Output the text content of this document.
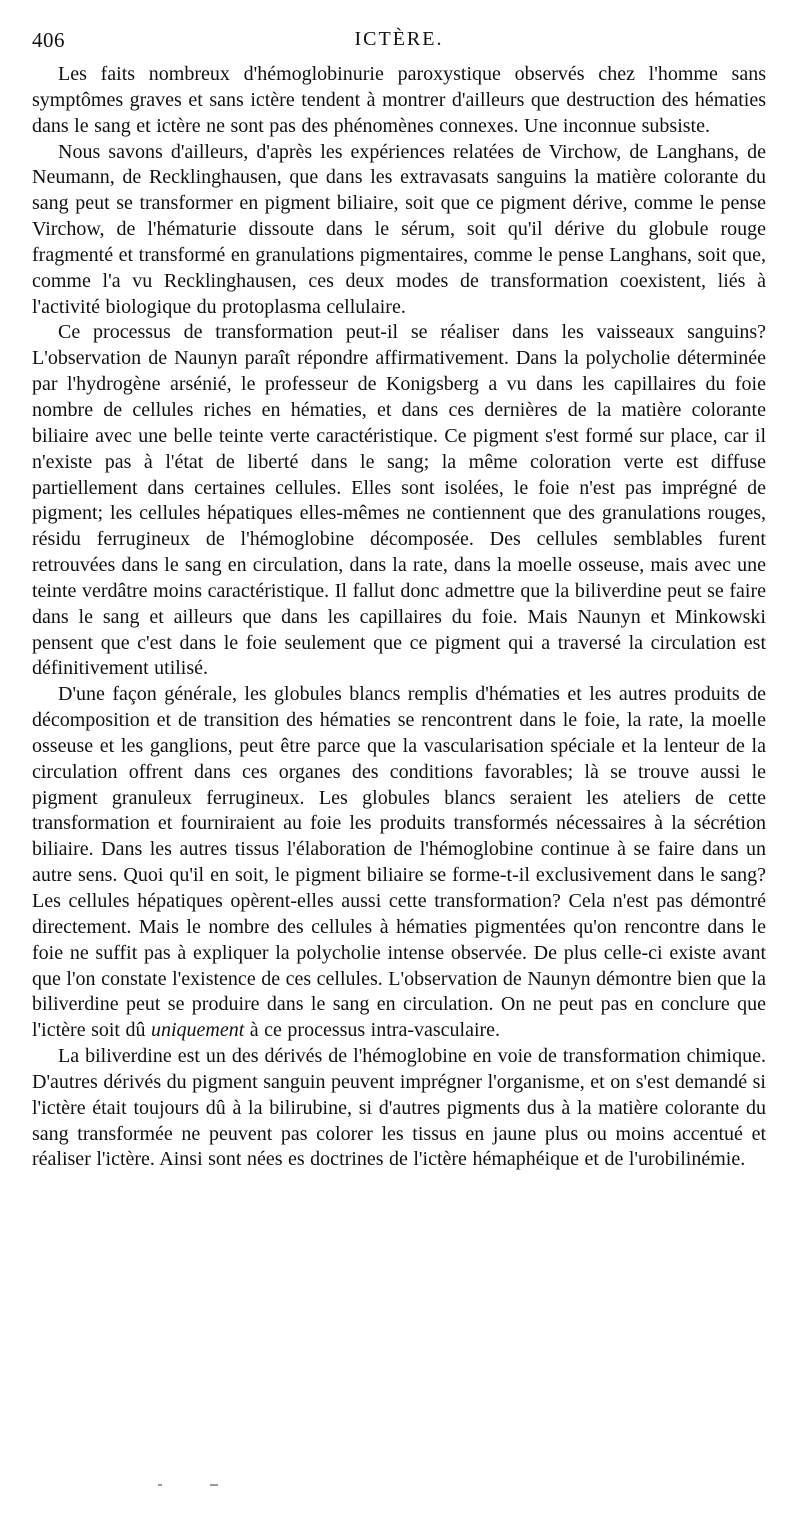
406	ICTÈRE.

Les faits nombreux d'hémoglobinurie paroxystique observés chez l'homme sans symptômes graves et sans ictère tendent à montrer d'ailleurs que destruction des hématies dans le sang et ictère ne sont pas des phénomènes connexes. Une inconnue subsiste.

Nous savons d'ailleurs, d'après les expériences relatées de Virchow, de Langhans, de Neumann, de Recklinghausen, que dans les extravasats sanguins la matière colorante du sang peut se transformer en pigment biliaire, soit que ce pigment dérive, comme le pense Virchow, de l'hématurie dissoute dans le sérum, soit qu'il dérive du globule rouge fragmenté et transformé en granulations pigmentaires, comme le pense Langhans, soit que, comme l'a vu Recklinghausen, ces deux modes de transformation coexistent, liés à l'activité biologique du protoplasma cellulaire.

Ce processus de transformation peut-il se réaliser dans les vaisseaux sanguins? L'observation de Naunyn paraît répondre affirmativement. Dans la polycholie déterminée par l'hydrogène arsénié, le professeur de Konigsberg a vu dans les capillaires du foie nombre de cellules riches en hématies, et dans ces dernières de la matière colorante biliaire avec une belle teinte verte caractéristique. Ce pigment s'est formé sur place, car il n'existe pas à l'état de liberté dans le sang; la même coloration verte est diffuse partiellement dans certaines cellules. Elles sont isolées, le foie n'est pas imprégné de pigment; les cellules hépatiques elles-mêmes ne contiennent que des granulations rouges, résidu ferrugineux de l'hémoglobine décomposée. Des cellules semblables furent retrouvées dans le sang en circulation, dans la rate, dans la moelle osseuse, mais avec une teinte verdâtre moins caractéristique. Il fallut donc admettre que la biliverdine peut se faire dans le sang et ailleurs que dans les capillaires du foie. Mais Naunyn et Minkowski pensent que c'est dans le foie seulement que ce pigment qui a traversé la circulation est définitivement utilisé.

D'une façon générale, les globules blancs remplis d'hématies et les autres produits de décomposition et de transition des hématies se rencontrent dans le foie, la rate, la moelle osseuse et les ganglions, peut être parce que la vascularisation spéciale et la lenteur de la circulation offrent dans ces organes des conditions favorables; là se trouve aussi le pigment granuleux ferrugineux. Les globules blancs seraient les ateliers de cette transformation et fourniraient au foie les produits transformés nécessaires à la sécrétion biliaire. Dans les autres tissus l'élaboration de l'hémoglobine continue à se faire dans un autre sens. Quoi qu'il en soit, le pigment biliaire se forme-t-il exclusivement dans le sang? Les cellules hépatiques opèrent-elles aussi cette transformation? Cela n'est pas démontré directement. Mais le nombre des cellules à hématies pigmentées qu'on rencontre dans le foie ne suffit pas à expliquer la polycholie intense observée. De plus celle-ci existe avant que l'on constate l'existence de ces cellules. L'observation de Naunyn démontre bien que la biliverdine peut se produire dans le sang en circulation. On ne peut pas en conclure que l'ictère soit dû uniquement à ce processus intra-vasculaire.

La biliverdine est un des dérivés de l'hémoglobine en voie de transformation chimique. D'autres dérivés du pigment sanguin peuvent imprégner l'organisme, et on s'est demandé si l'ictère était toujours dû à la bilirubine, si d'autres pigments dus à la matière colorante du sang transformée ne peuvent pas colorer les tissus en jaune plus ou moins accentué et réaliser l'ictère. Ainsi sont nées es doctrines de l'ictère hémaphéique et de l'urobilinémie.
